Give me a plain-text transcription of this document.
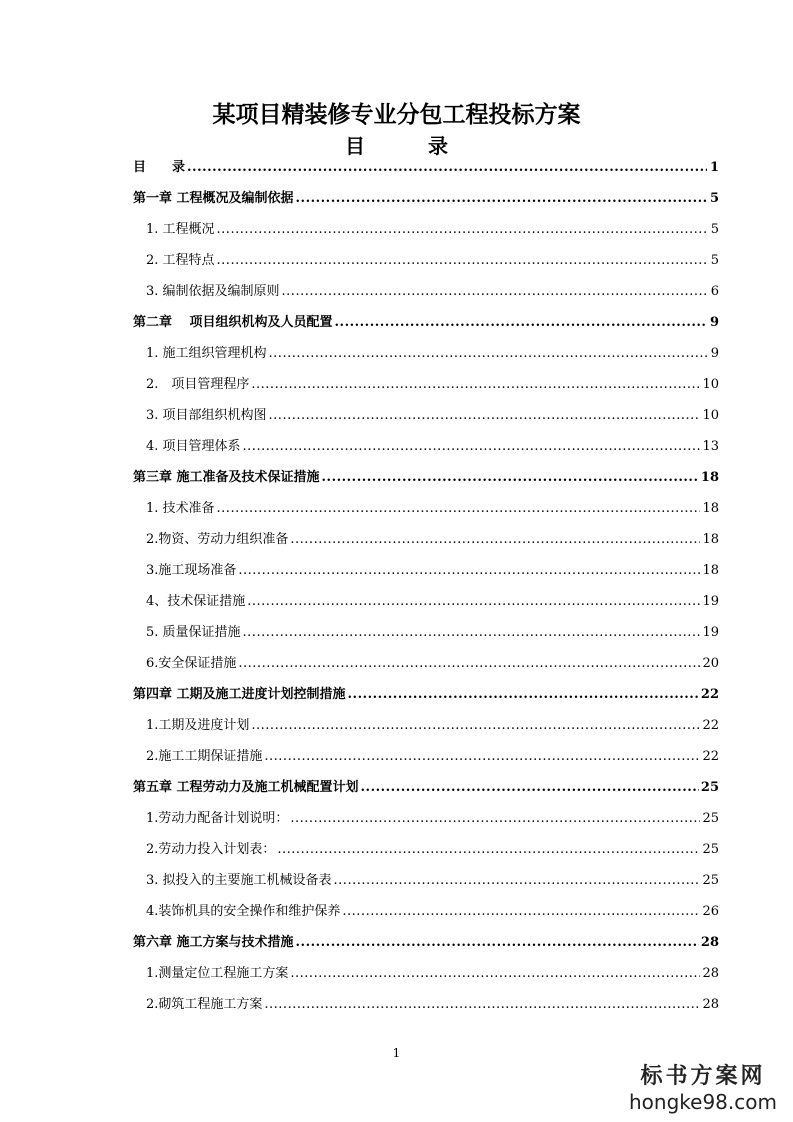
某项目精装修专业分包工程投标方案
目 录
目　　录 .....	1
第一章 工程概况及编制依据 .....	5
1. 工程概况 .....	5
2. 工程特点 .....	5
3. 编制依据及编制原则 .....	6
第二章　 项目组织机构及人员配置 .....	9
1. 施工组织管理机构 .....	9
2.　项目管理程序 .....	10
3. 项目部组织机构图 .....	10
4. 项目管理体系 .....	13
第三章 施工准备及技术保证措施 .....	18
1. 技术准备 .....	18
2.物资、劳动力组织准备 .....	18
3.施工现场准备 .....	18
4、技术保证措施 .....	19
5. 质量保证措施 .....	19
6.安全保证措施 .....	20
第四章 工期及施工进度计划控制措施 .....	22
1.工期及进度计划 .....	22
2.施工工期保证措施 .....	22
第五章 工程劳动力及施工机械配置计划 .....	25
1.劳动力配备计划说明： .....	25
2.劳动力投入计划表： .....	25
3. 拟投入的主要施工机械设备表 .....	25
4.装饰机具的安全操作和维护保养 .....	26
第六章 施工方案与技术措施 .....	28
1.测量定位工程施工方案 .....	28
2.砌筑工程施工方案 .....	28
1
标书方案网
hongke98.com
